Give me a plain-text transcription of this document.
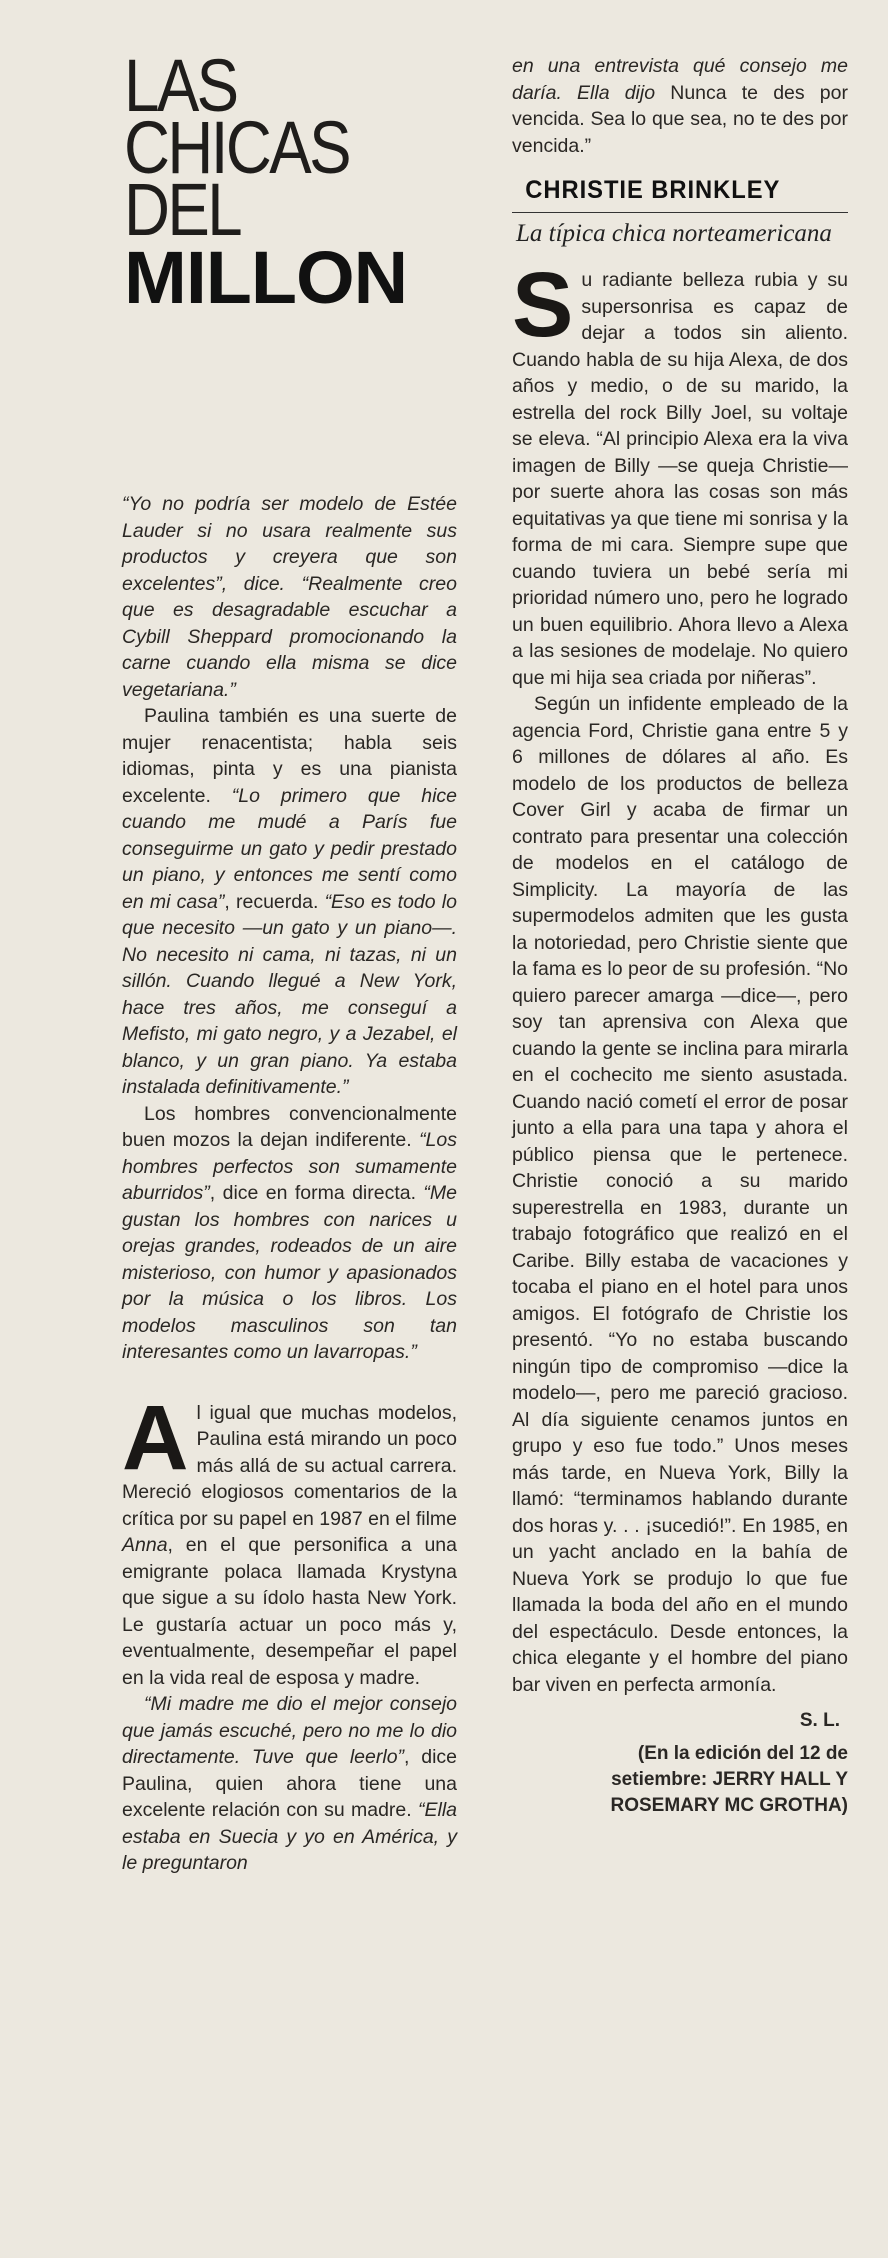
LAS
CHICAS
DEL
MILLON

“Yo no podría ser modelo de Estée Lauder si no usara realmente sus productos y creyera que son excelentes”, dice. “Realmente creo que es desagradable escuchar a Cybill Sheppard promocionando la carne cuando ella misma se dice vegetariana.”

Paulina también es una suerte de mujer renacentista; habla seis idiomas, pinta y es una pianista excelente. “Lo primero que hice cuando me mudé a París fue conseguirme un gato y pedir prestado un piano, y entonces me sentí como en mi casa”, recuerda. “Eso es todo lo que necesito —un gato y un piano—. No necesito ni cama, ni tazas, ni un sillón. Cuando llegué a New York, hace tres años, me conseguí a Mefisto, mi gato negro, y a Jezabel, el blanco, y un gran piano. Ya estaba instalada definitivamente.”

Los hombres convencionalmente buen mozos la dejan indiferente. “Los hombres perfectos son sumamente aburridos”, dice en forma directa. “Me gustan los hombres con narices u orejas grandes, rodeados de un aire misterioso, con humor y apasionados por la música o los libros. Los modelos masculinos son tan interesantes como un lavarropas.”

Al igual que muchas modelos, Paulina está mirando un poco más allá de su actual carrera. Mereció elogiosos comentarios de la crítica por su papel en 1987 en el filme Anna, en el que personifica a una emigrante polaca llamada Krystyna que sigue a su ídolo hasta New York. Le gustaría actuar un poco más y, eventualmente, desempeñar el papel en la vida real de esposa y madre.

“Mi madre me dio el mejor consejo que jamás escuché, pero no me lo dio directamente. Tuve que leerlo”, dice Paulina, quien ahora tiene una excelente relación con su madre. “Ella estaba en Suecia y yo en América, y le preguntaron

en una entrevista qué consejo me daría. Ella dijo Nunca te des por vencida. Sea lo que sea, no te des por vencida.”

CHRISTIE BRINKLEY
La típica chica norteamericana

Su radiante belleza rubia y su supersonrisa es capaz de dejar a todos sin aliento. Cuando habla de su hija Alexa, de dos años y medio, o de su marido, la estrella del rock Billy Joel, su voltaje se eleva. “Al principio Alexa era la viva imagen de Billy —se queja Christie— por suerte ahora las cosas son más equitativas ya que tiene mi sonrisa y la forma de mi cara. Siempre supe que cuando tuviera un bebé sería mi prioridad número uno, pero he logrado un buen equilibrio. Ahora llevo a Alexa a las sesiones de modelaje. No quiero que mi hija sea criada por niñeras”.

Según un infidente empleado de la agencia Ford, Christie gana entre 5 y 6 millones de dólares al año. Es modelo de los productos de belleza Cover Girl y acaba de firmar un contrato para presentar una colección de modelos en el catálogo de Simplicity. La mayoría de las supermodelos admiten que les gusta la notoriedad, pero Christie siente que la fama es lo peor de su profesión. “No quiero parecer amarga —dice—, pero soy tan aprensiva con Alexa que cuando la gente se inclina para mirarla en el cochecito me siento asustada. Cuando nació cometí el error de posar junto a ella para una tapa y ahora el público piensa que le pertenece. Christie conoció a su marido superestrella en 1983, durante un trabajo fotográfico que realizó en el Caribe. Billy estaba de vacaciones y tocaba el piano en el hotel para unos amigos. El fotógrafo de Christie los presentó. “Yo no estaba buscando ningún tipo de compromiso —dice la modelo—, pero me pareció gracioso. Al día siguiente cenamos juntos en grupo y eso fue todo.” Unos meses más tarde, en Nueva York, Billy la llamó: “terminamos hablando durante dos horas y. . . ¡sucedió!”. En 1985, en un yacht anclado en la bahía de Nueva York se produjo lo que fue llamada la boda del año en el mundo del espectáculo. Desde entonces, la chica elegante y el hombre del piano bar viven en perfecta armonía.

S. L.
(En la edición del 12 de
setiembre: JERRY HALL Y
ROSEMARY MC GROTHA)
